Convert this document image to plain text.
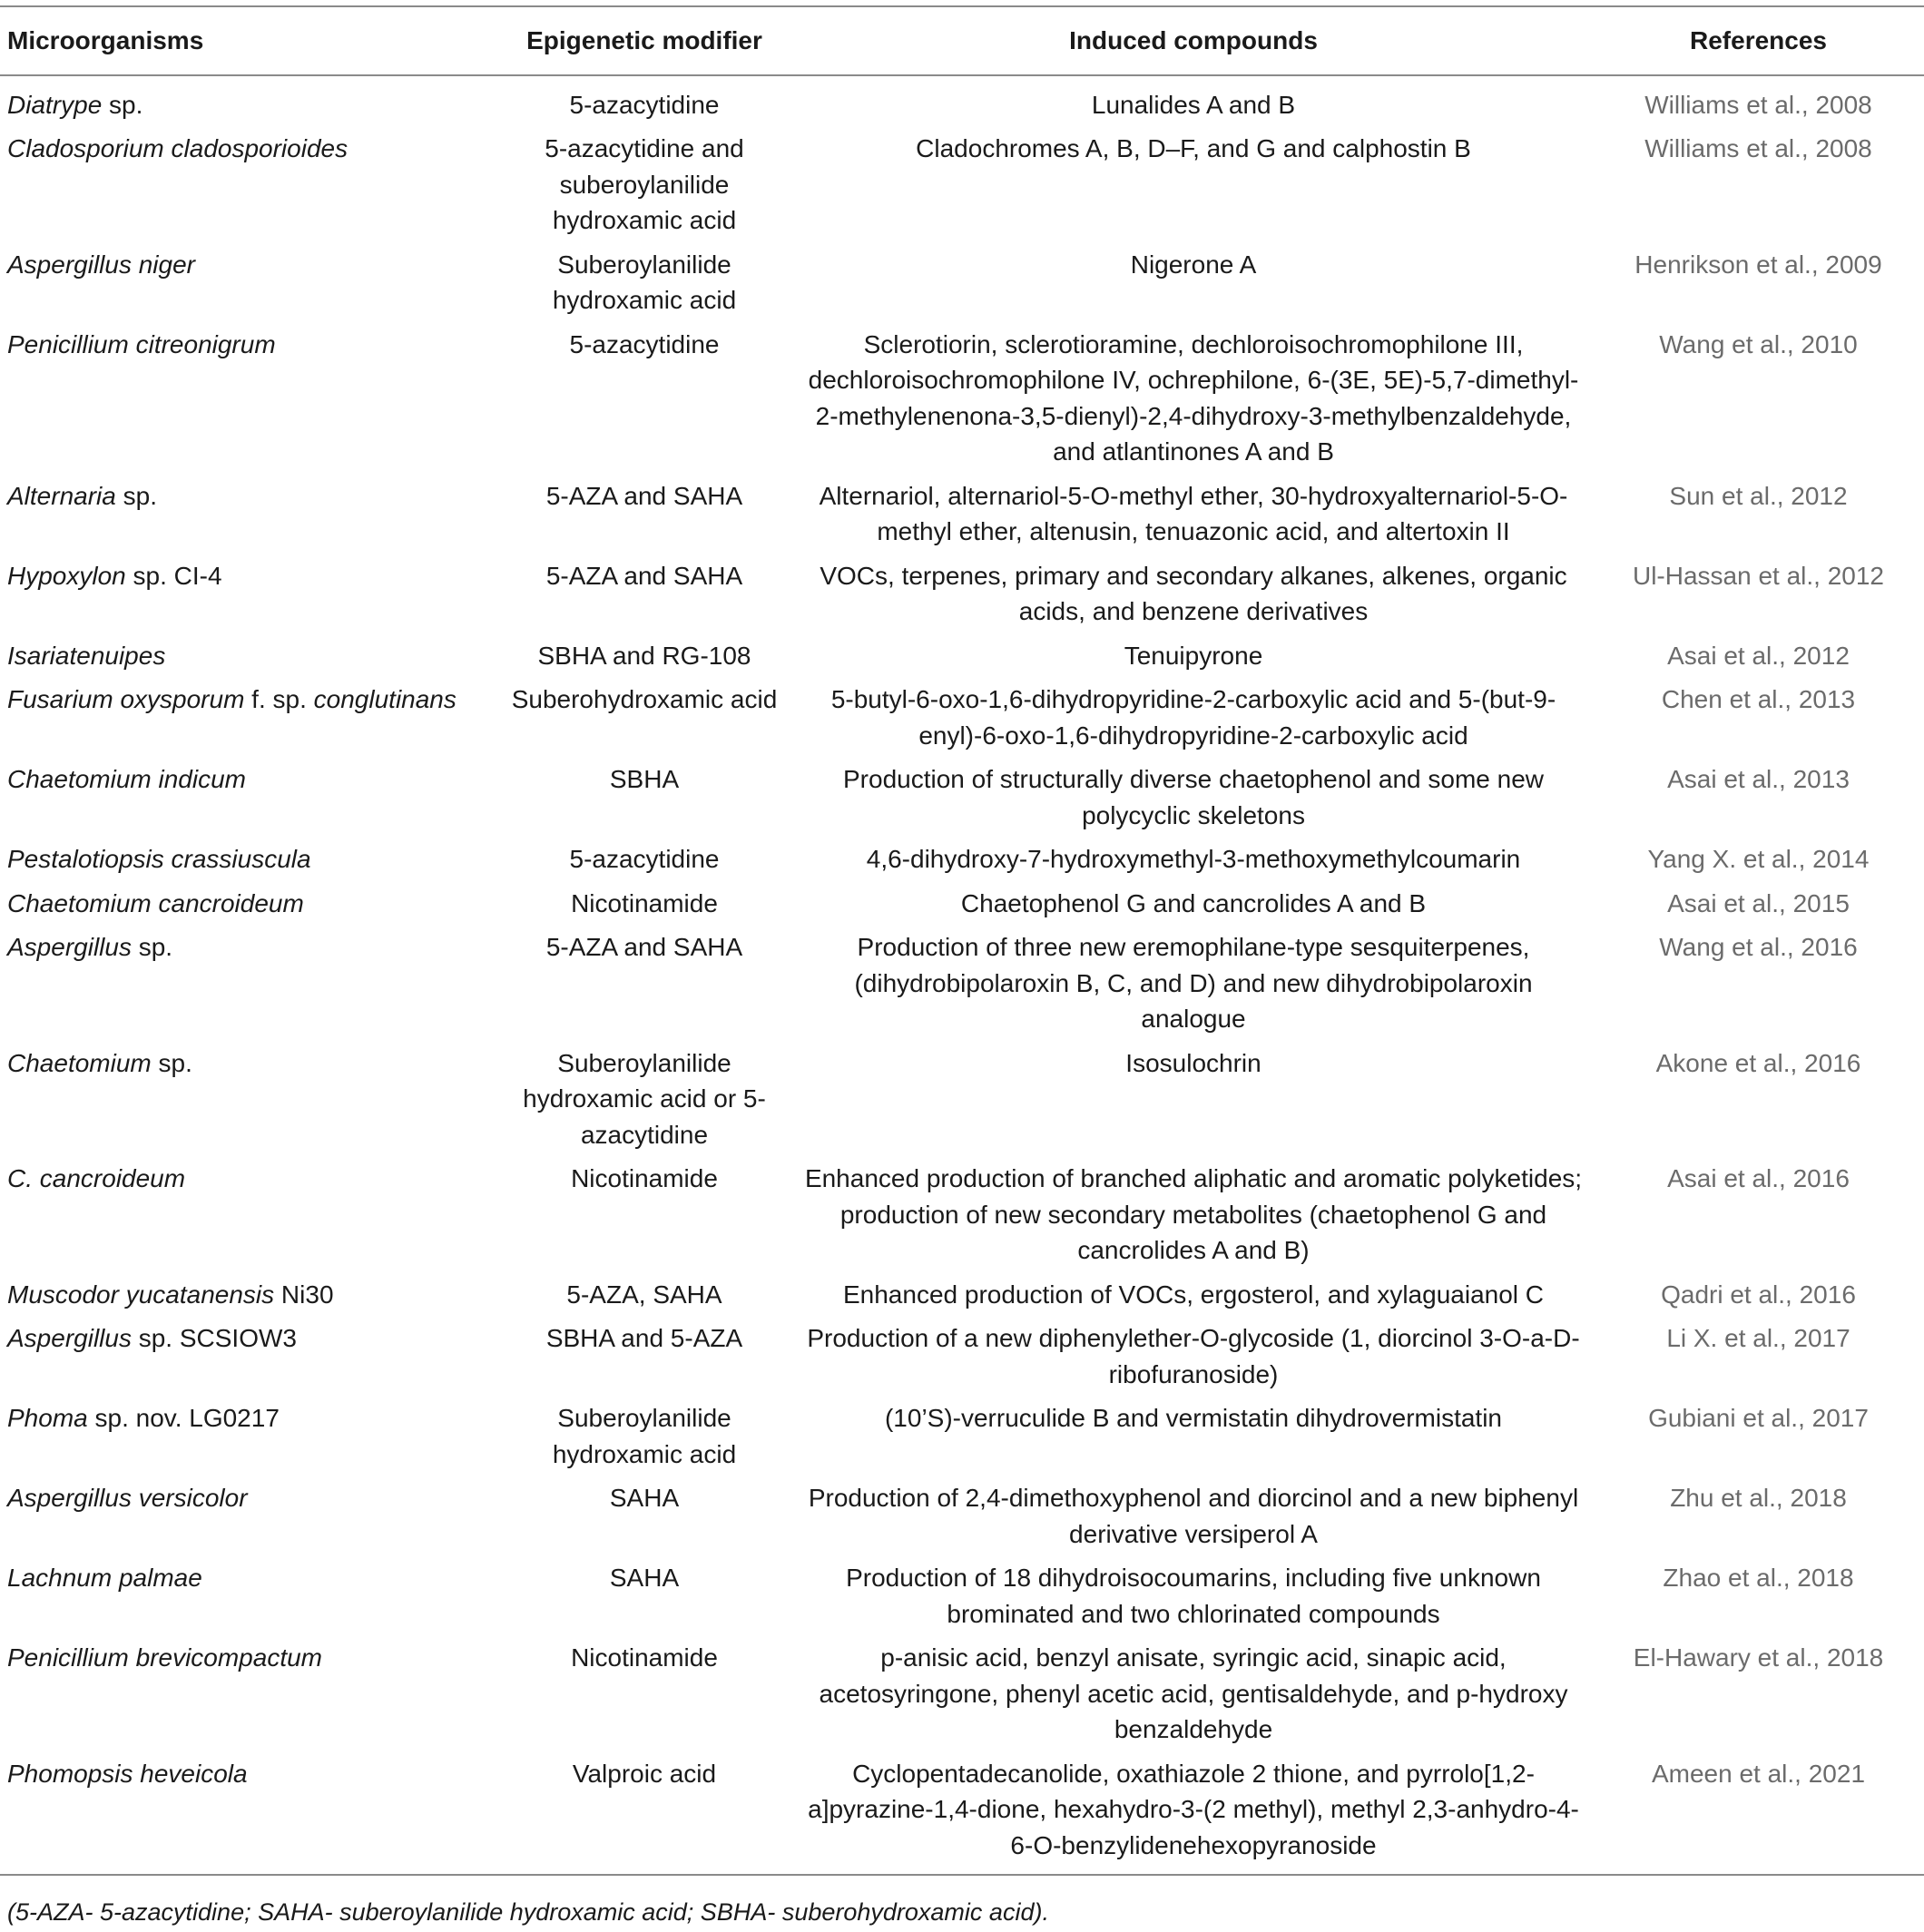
Microorganisms	Epigenetic modifier	Induced compounds	References
Diatrype sp.	5-azacytidine	Lunalides A and B	Williams et al., 2008
Cladosporium cladosporioides	5-azacytidine and suberoylanilide hydroxamic acid	Cladochromes A, B, D–F, and G and calphostin B	Williams et al., 2008
Aspergillus niger	Suberoylanilide hydroxamic acid	Nigerone A	Henrikson et al., 2009
Penicillium citreonigrum	5-azacytidine	Sclerotiorin, sclerotioramine, dechloroisochromophilone III, dechloroisochromophilone IV, ochrephilone, 6-(3E, 5E)-5,7-dimethyl-2-methylenenona-3,5-dienyl)-2,4-dihydroxy-3-methylbenzaldehyde, and atlantinones A and B	Wang et al., 2010
Alternaria sp.	5-AZA and SAHA	Alternariol, alternariol-5-O-methyl ether, 30-hydroxyalternariol-5-O-methyl ether, altenusin, tenuazonic acid, and altertoxin II	Sun et al., 2012
Hypoxylon sp. CI-4	5-AZA and SAHA	VOCs, terpenes, primary and secondary alkanes, alkenes, organic acids, and benzene derivatives	Ul-Hassan et al., 2012
Isariatenuipes	SBHA and RG-108	Tenuipyrone	Asai et al., 2012
Fusarium oxysporum f. sp. conglutinans	Suberohydroxamic acid	5-butyl-6-oxo-1,6-dihydropyridine-2-carboxylic acid and 5-(but-9-enyl)-6-oxo-1,6-dihydropyridine-2-carboxylic acid	Chen et al., 2013
Chaetomium indicum	SBHA	Production of structurally diverse chaetophenol and some new polycyclic skeletons	Asai et al., 2013
Pestalotiopsis crassiuscula	5-azacytidine	4,6-dihydroxy-7-hydroxymethyl-3-methoxymethylcoumarin	Yang X. et al., 2014
Chaetomium cancroideum	Nicotinamide	Chaetophenol G and cancrolides A and B	Asai et al., 2015
Aspergillus sp.	5-AZA and SAHA	Production of three new eremophilane-type sesquiterpenes, (dihydrobipolaroxin B, C, and D) and new dihydrobipolaroxin analogue	Wang et al., 2016
Chaetomium sp.	Suberoylanilide hydroxamic acid or 5-azacytidine	Isosulochrin	Akone et al., 2016
C. cancroideum	Nicotinamide	Enhanced production of branched aliphatic and aromatic polyketides; production of new secondary metabolites (chaetophenol G and cancrolides A and B)	Asai et al., 2016
Muscodor yucatanensis Ni30	5-AZA, SAHA	Enhanced production of VOCs, ergosterol, and xylaguaianol C	Qadri et al., 2016
Aspergillus sp. SCSIOW3	SBHA and 5-AZA	Production of a new diphenylether-O-glycoside (1, diorcinol 3-O-a-D-ribofuranoside)	Li X. et al., 2017
Phoma sp. nov. LG0217	Suberoylanilide hydroxamic acid	(10’S)-verruculide B and vermistatin dihydrovermistatin	Gubiani et al., 2017
Aspergillus versicolor	SAHA	Production of 2,4-dimethoxyphenol and diorcinol and a new biphenyl derivative versiperol A	Zhu et al., 2018
Lachnum palmae	SAHA	Production of 18 dihydroisocoumarins, including five unknown brominated and two chlorinated compounds	Zhao et al., 2018
Penicillium brevicompactum	Nicotinamide	p-anisic acid, benzyl anisate, syringic acid, sinapic acid, acetosyringone, phenyl acetic acid, gentisaldehyde, and p-hydroxy benzaldehyde	El-Hawary et al., 2018
Phomopsis heveicola	Valproic acid	Cyclopentadecanolide, oxathiazole 2 thione, and pyrrolo[1,2-a]pyrazine-1,4-dione, hexahydro-3-(2 methyl), methyl 2,3-anhydro-4-6-O-benzylidenehexopyranoside	Ameen et al., 2021
(5-AZA- 5-azacytidine; SAHA- suberoylanilide hydroxamic acid; SBHA- suberohydroxamic acid).
